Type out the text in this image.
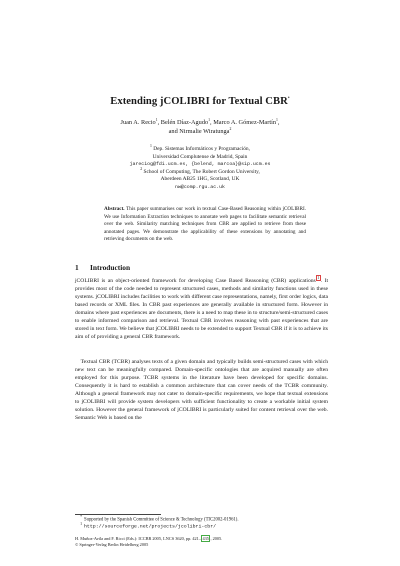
Extending jCOLIBRI for Textual CBR*
Juan A. Recio$^1$, Belén Díaz-Agudo$^1$, Marco A. Gómez-Martín$^1$,
and Nirmalie Wiratunga$^2$
$^1$ Dep. Sistemas Informáticos y Programación,
Universidad Complutense de Madrid, Spain
jareciog@fdi.ucm.es, {belend, marcoa}@sip.ucm.es
$^2$ School of Computing, The Robert Gordon University,
Aberdeen AB25 1HG, Scotland, UK
nw@comp.rgu.ac.uk
Abstract. This paper summarises our work in textual Case-Based Reasoning within jCOLIBRI. We use Information Extraction techniques to annotate web pages to facilitate semantic retrieval over the web. Similarity matching techniques from CBR are applied to retrieve from these annotated pages. We demonstrate the applicability of these extensions by annotating and retrieving documents on the web.
1 Introduction

jCOLIBRI is an object-oriented framework for developing Case Based Reasoning (CBR) applications $^1$ . It provides most of the code needed to represent structured cases, methods and similarity functions used in these systems. jCOLIBRI includes facilities to work with different case representations, namely, first order logics, data based records or XML files. In CBR past experiences are generally available in structured form. However in domains where past experiences are documents, there is a need to map these in to structure/semi-structured cases to enable informed comparison and retrieval. Textual CBR involves reasoning with past experiences that are stored in text form. We believe that jCOLIBRI needs to be extended to support Textual CBR if it is to achieve its aim of of providing a general CBR framework.

 Textual CBR (TCBR) analyses texts of a given domain and typically builds semi-structured cases with which new text can be meaningfully compared. Domain-specific ontologies that are acquired manually are often employed for this purpose. TCBR systems in the literature have been developed for specific domains. Consequently it is hard to establish a common architecture that can cover needs of the TCBR community. Although a general framework may not cater to domain-specific requirements, we hope that textual extensions to jCOLIBRI will provide system developers with sufficient functionality to create a workable initial system solution. However the general framework of jCOLIBRI is particularly suited for content retrieval over the web. Semantic Web is based on the

*Supported by the Spanish Committee of Science & Technology (TIC2002-01961).
$^1$http://sourceforge.net/projects/jcolibri-cbr/
H. Muñoz-Avila and F. Ricci (Eds.): ICCBR 2005, LNCS 3620, pp. 421– 435 , 2005.
© Springer-Verlag Berlin Heidelberg 2005
